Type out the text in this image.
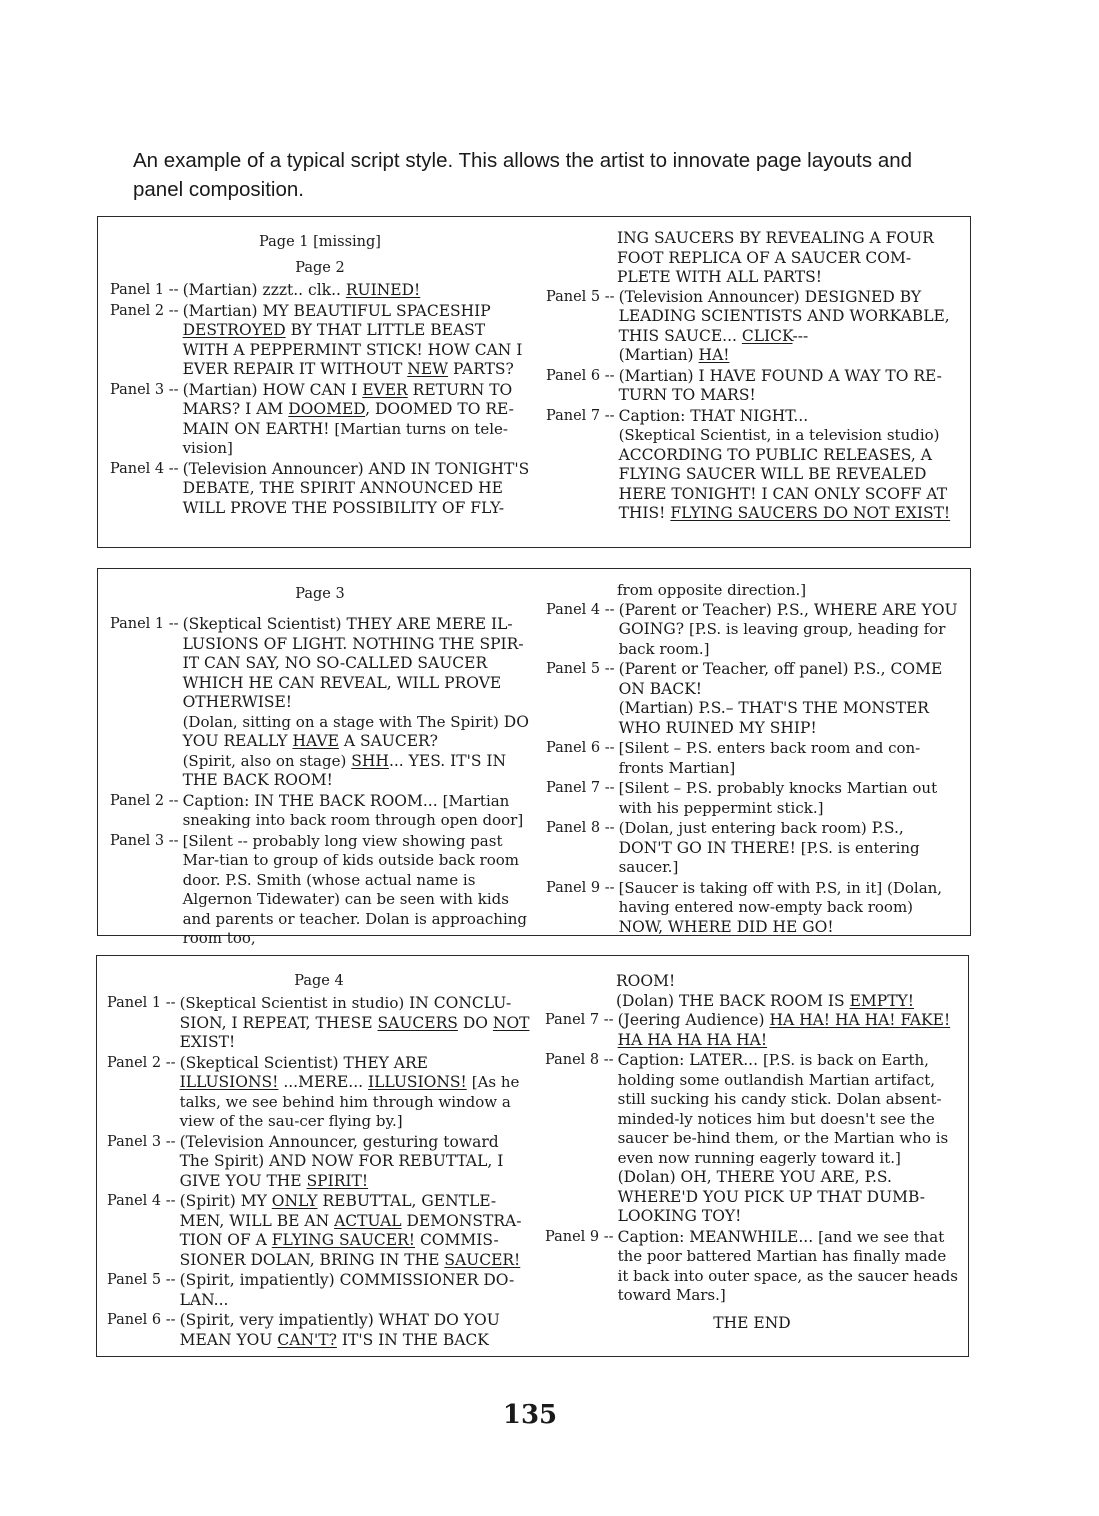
An example of a typical script style. This allows the artist to innovate page layouts and panel composition.
Page 1 [missing]
Page 2
Panel 1 --	(Martian) zzzt.. clk.. RUINED!
Panel 2 --	(Martian) MY BEAUTIFUL SPACESHIP DESTROYED BY THAT LITTLE BEAST WITH A PEPPERMINT STICK! HOW CAN I EVER REPAIR IT WITHOUT NEW PARTS?
Panel 3 --	(Martian) HOW CAN I EVER RETURN TO MARS? I AM DOOMED, DOOMED TO RE-MAIN ON EARTH! [Martian turns on tele-vision]
Panel 4 --	(Television Announcer) AND IN TONIGHT'S DEBATE, THE SPIRIT ANNOUNCED HE WILL PROVE THE POSSIBILITY OF FLY-
ING SAUCERS BY REVEALING A FOUR FOOT REPLICA OF A SAUCER COM-PLETE WITH ALL PARTS!
Panel 5 --	(Television Announcer) DESIGNED BY LEADING SCIENTISTS AND WORKABLE, THIS SAUCE... CLICK---
(Martian) HA!
Panel 6 --	(Martian) I HAVE FOUND A WAY TO RE-TURN TO MARS!
Panel 7 --	Caption: THAT NIGHT...
(Skeptical Scientist, in a television studio)
ACCORDING TO PUBLIC RELEASES, A FLYING SAUCER WILL BE REVEALED HERE TONIGHT! I CAN ONLY SCOFF AT THIS! FLYING SAUCERS DO NOT EXIST!
Page 3
Panel 1 --	(Skeptical Scientist) THEY ARE MERE IL-LUSIONS OF LIGHT. NOTHING THE SPIR-IT CAN SAY, NO SO-CALLED SAUCER WHICH HE CAN REVEAL, WILL PROVE OTHERWISE!
(Dolan, sitting on a stage with The Spirit) DO YOU REALLY HAVE A SAUCER?
(Spirit, also on stage) SHH... YES. IT'S IN THE BACK ROOM!
Panel 2 --	Caption: IN THE BACK ROOM... [Martian sneaking into back room through open door]
Panel 3 --	[Silent -- probably long view showing past Mar-tian to group of kids outside back room door. P.S. Smith (whose actual name is Algernon Tidewater) can be seen with kids and parents or teacher. Dolan is approaching room too,
from opposite direction.]
Panel 4 --	(Parent or Teacher) P.S., WHERE ARE YOU GOING? [P.S. is leaving group, heading for back room.]
Panel 5 --	(Parent or Teacher, off panel) P.S., COME ON BACK!
(Martian) P.S.– THAT'S THE MONSTER WHO RUINED MY SHIP!
Panel 6 --	[Silent – P.S. enters back room and con-fronts Martian]
Panel 7 --	[Silent – P.S. probably knocks Martian out with his peppermint stick.]
Panel 8 --	(Dolan, just entering back room) P.S., DON'T GO IN THERE! [P.S. is entering saucer.]
Panel 9 --	[Saucer is taking off with P.S, in it] (Dolan, having entered now-empty back room) NOW, WHERE DID HE GO!
Page 4
Panel 1 --	(Skeptical Scientist in studio) IN CONCLU-SION, I REPEAT, THESE SAUCERS DO NOT EXIST!
Panel 2 --	(Skeptical Scientist) THEY ARE ILLUSIONS! ...MERE... ILLUSIONS! [As he talks, we see behind him through window a view of the sau-cer flying by.]
Panel 3 --	(Television Announcer, gesturing toward The Spirit) AND NOW FOR REBUTTAL, I GIVE YOU THE SPIRIT!
Panel 4 --	(Spirit) MY ONLY REBUTTAL, GENTLE-MEN, WILL BE AN ACTUAL DEMONSTRA-TION OF A FLYING SAUCER! COMMIS-SIONER DOLAN, BRING IN THE SAUCER!
Panel 5 --	(Spirit, impatiently) COMMISSIONER DO-LAN...
Panel 6 --	(Spirit, very impatiently) WHAT DO YOU MEAN YOU CAN'T? IT'S IN THE BACK
ROOM!
(Dolan) THE BACK ROOM IS EMPTY!
Panel 7 --	(Jeering Audience) HA HA! HA HA! FAKE! HA HA HA HA HA!
Panel 8 --	Caption: LATER... [P.S. is back on Earth, holding some outlandish Martian artifact, still sucking his candy stick. Dolan absent-minded-ly notices him but doesn't see the saucer be-hind them, or the Martian who is even now running eagerly toward it.]
(Dolan) OH, THERE YOU ARE, P.S. WHERE'D YOU PICK UP THAT DUMB-LOOKING TOY!
Panel 9 --	Caption: MEANWHILE... [and we see that the poor battered Martian has finally made it back into outer space, as the saucer heads toward Mars.]
THE END
135
